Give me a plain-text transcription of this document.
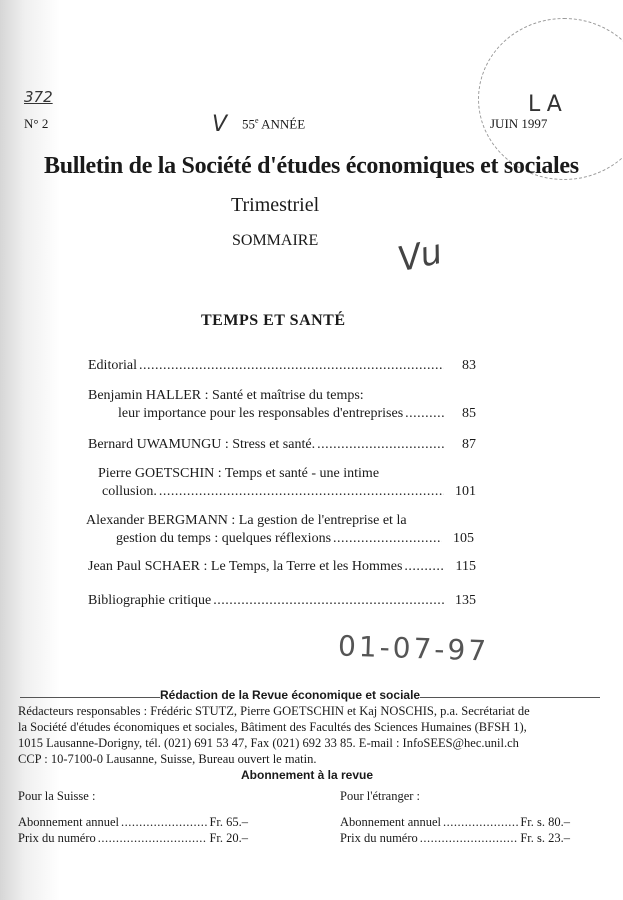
372
V
LA
Vu
01-07-97
N° 2	55e ANNÉE	JUIN 1997
Bulletin de la Société d'études économiques et sociales
Trimestriel
SOMMAIRE
TEMPS ET SANTÉ
Editorial .....	83
Benjamin HALLER : Santé et maîtrise du temps:
leur importance pour les responsables d'entreprises .....	85
Bernard UWAMUNGU : Stress et santé. .....	87
Pierre GOETSCHIN : Temps et santé - une intime
collusion. .....	101
Alexander BERGMANN : La gestion de l'entreprise et la
gestion du temps : quelques réflexions .....	105
Jean Paul SCHAER : Le Temps, la Terre et les Hommes .....	115
Bibliographie critique .....	135
Rédaction de la Revue économique et sociale
Rédacteurs responsables : Frédéric STUTZ, Pierre GOETSCHIN et Kaj NOSCHIS, p.a. Secrétariat de
la Société d'études économiques et sociales, Bâtiment des Facultés des Sciences Humaines (BFSH 1),
1015 Lausanne-Dorigny, tél. (021) 691 53 47, Fax (021) 692 33 85. E-mail : InfoSEES@hec.unil.ch
CCP : 10-7100-0 Lausanne, Suisse, Bureau ouvert le matin.
Abonnement à la revue
Pour la Suisse :
Abonnement annuel .....	Fr. 65.–
Prix du numéro .....	Fr. 20.–
Pour l'étranger :
Abonnement annuel .....	Fr. s. 80.–
Prix du numéro .....	Fr. s. 23.–
